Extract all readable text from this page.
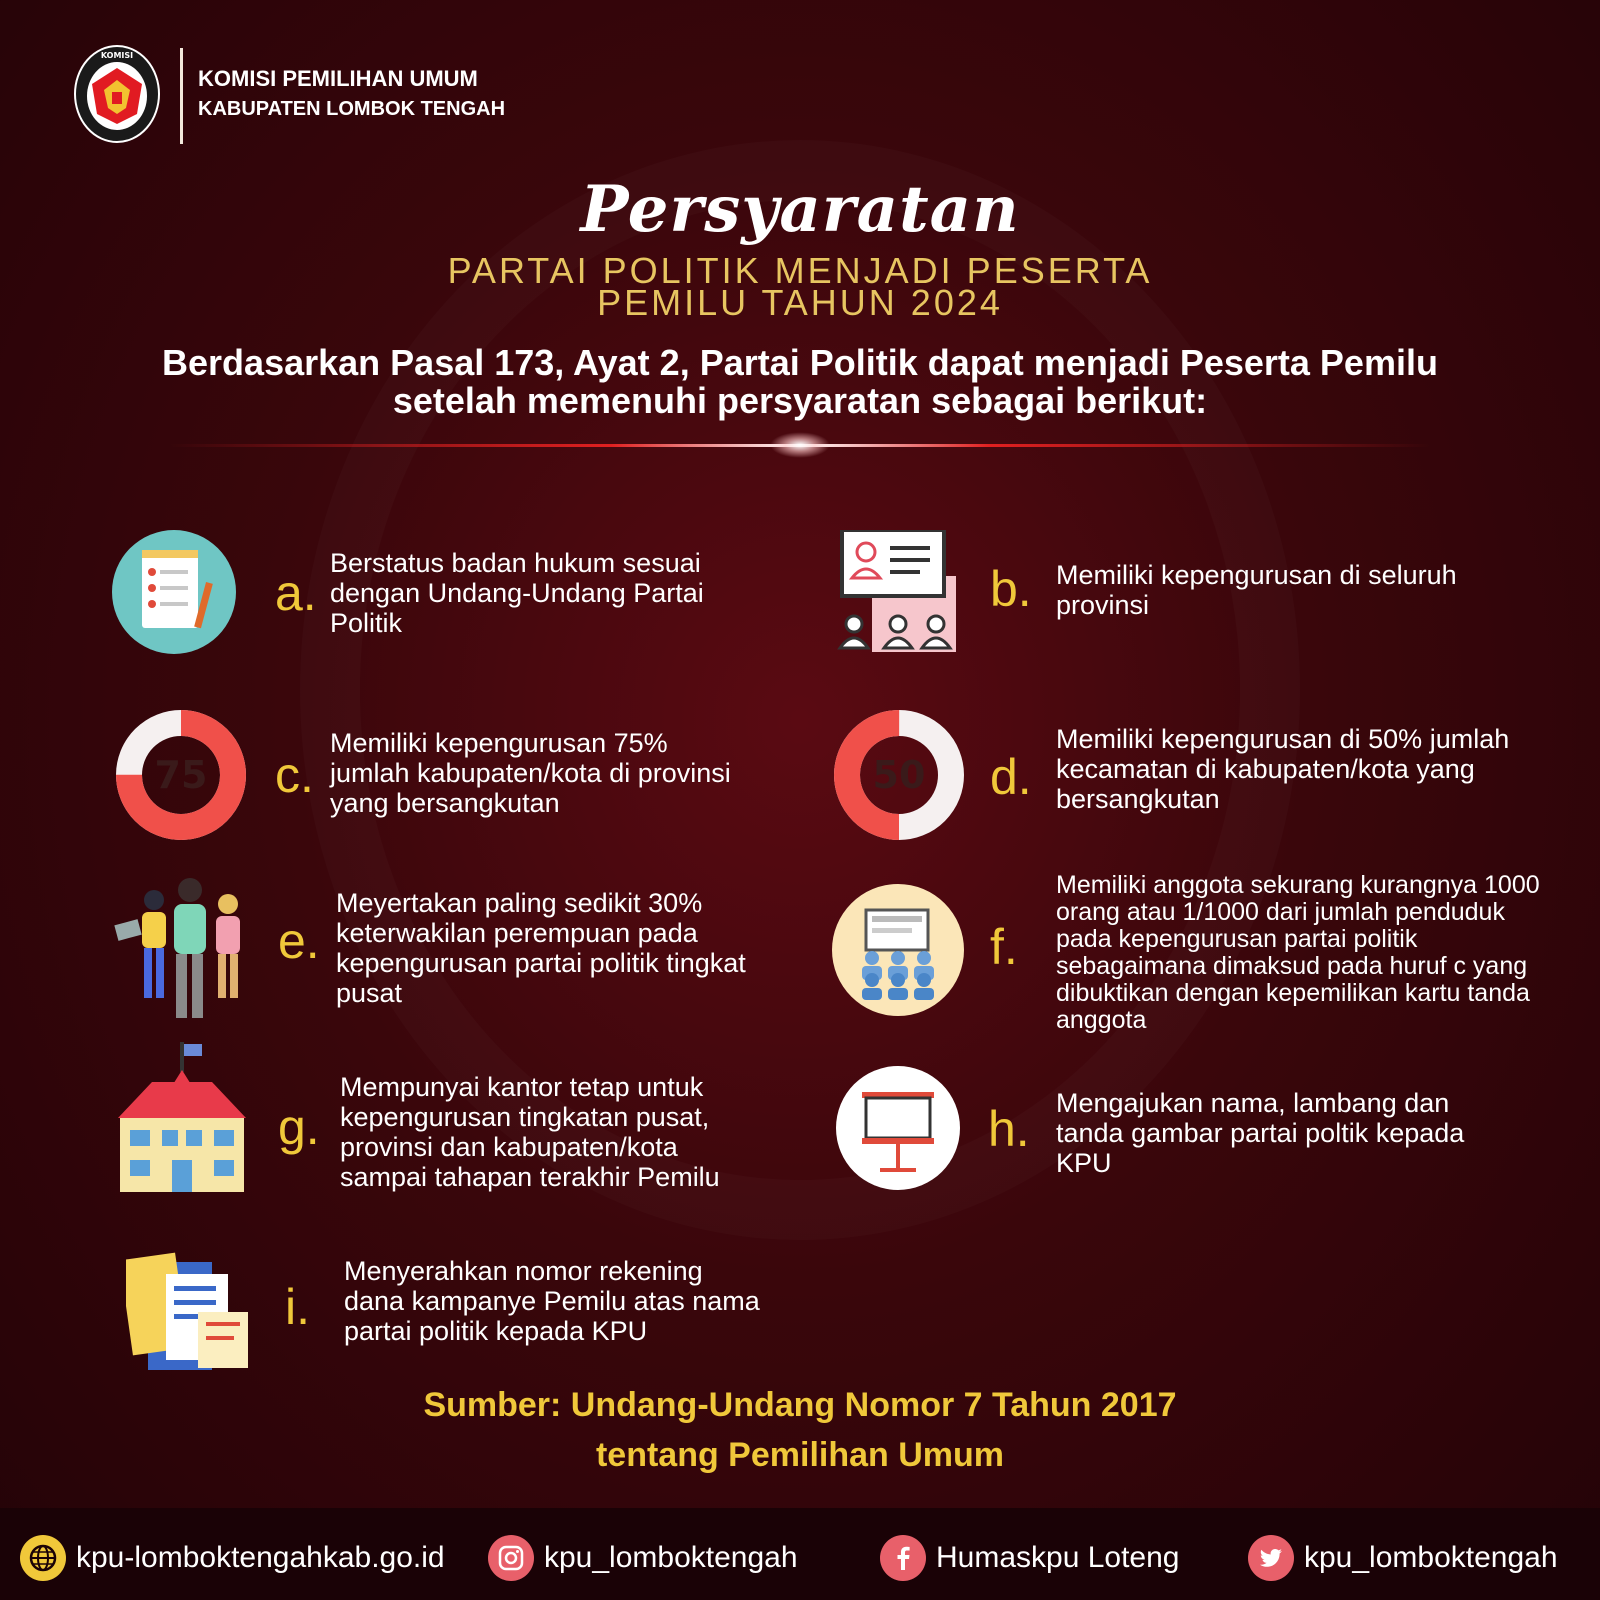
KOMISI
KOMISI PEMILIHAN UMUM
KABUPATEN LOMBOK TENGAH
Persyaratan
PARTAI POLITIK MENJADI PESERTA
PEMILU TAHUN 2024
Berdasarkan Pasal 173, Ayat 2, Partai Politik dapat menjadi Peserta Pemilu
setelah memenuhi persyaratan sebagai berikut:
a.
Berstatus badan hukum sesuai dengan Undang-Undang Partai Politik
b. Memiliki kepengurusan di seluruh provinsi
75 c.
Memiliki kepengurusan 75% jumlah kabupaten/kota di provinsi yang bersangkutan
50 d.
Memiliki kepengurusan di 50% jumlah kecamatan di kabupaten/kota yang bersangkutan
e.
Meyertakan paling sedikit 30% keterwakilan perempuan pada kepengurusan partai politik tingkat pusat
f.
Memiliki anggota sekurang kurangnya 1000 orang atau 1/1000 dari jumlah penduduk pada kepengurusan partai politik sebagaimana dimaksud pada huruf c yang dibuktikan dengan kepemilikan kartu tanda anggota
g.
Mempunyai kantor tetap untuk kepengurusan tingkatan pusat, provinsi dan kabupaten/kota sampai tahapan terakhir Pemilu
h. Mengajukan nama, lambang dan tanda gambar partai poltik kepada KPU
i.
Menyerahkan nomor rekening dana kampanye Pemilu atas nama partai politik kepada KPU
Sumber: Undang-Undang Nomor 7 Tahun 2017
tentang Pemilihan Umum
kpu-lomboktengahkab.go.id	kpu_lomboktengah	Humaskpu Loteng	kpu_lomboktengah
